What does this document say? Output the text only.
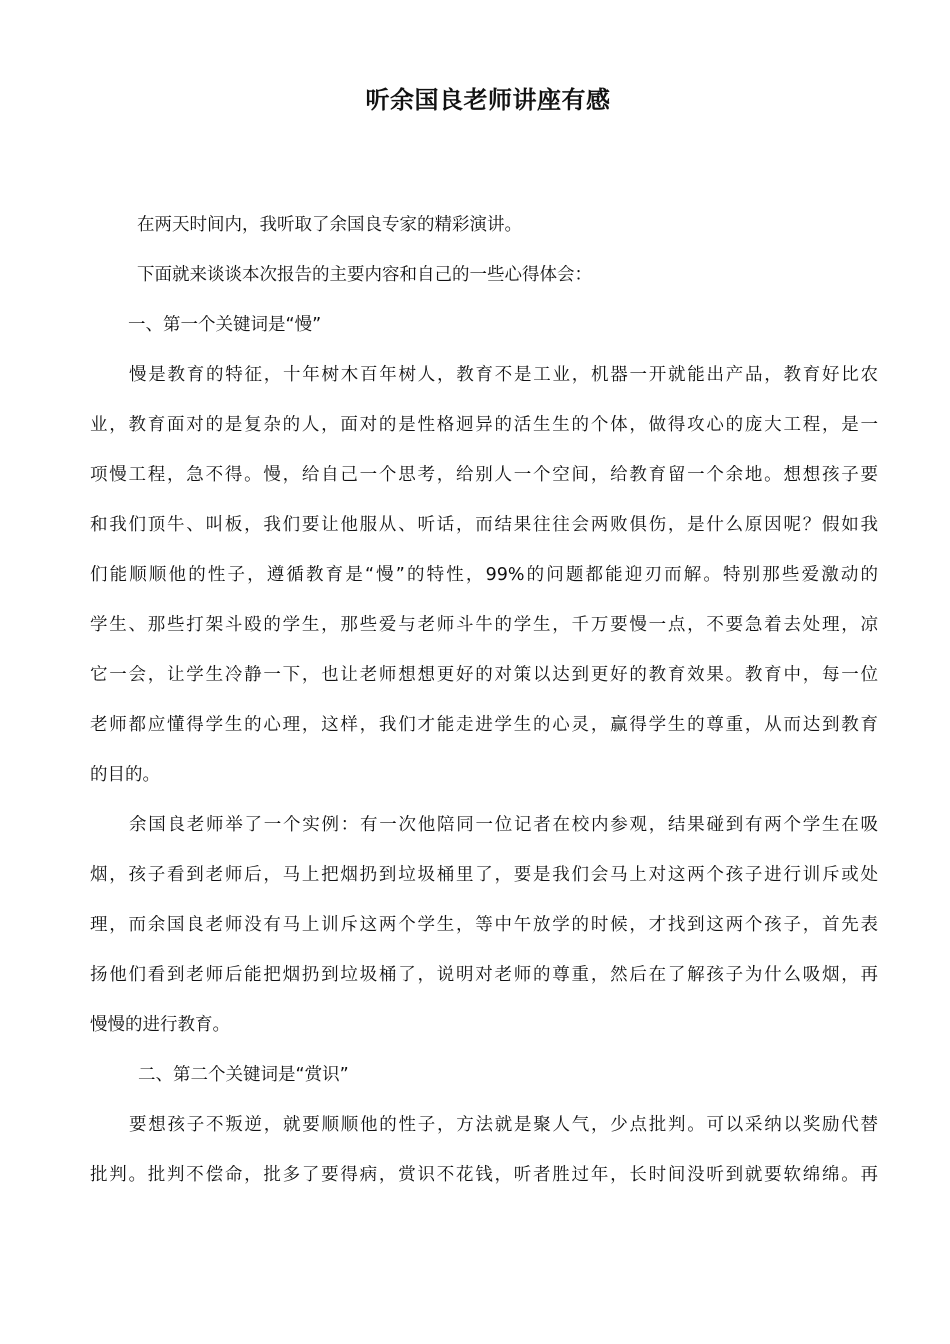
听余国良老师讲座有感
在两天时间内，我听取了余国良专家的精彩演讲。
下面就来谈谈本次报告的主要内容和自己的一些心得体会：
一、第一个关键词是“慢”
慢是教育的特征，十年树木百年树人，教育不是工业，机器一开就能出产品，教育好比农
业，教育面对的是复杂的人，面对的是性格迥异的活生生的个体，做得攻心的庞大工程，是一
项慢工程，急不得。慢，给自己一个思考，给别人一个空间，给教育留一个余地。想想孩子要
和我们顶牛、叫板，我们要让他服从、听话，而结果往往会两败俱伤，是什么原因呢？假如我
们能顺顺他的性子，遵循教育是“慢”的特性，99%的问题都能迎刃而解。特别那些爱激动的
学生、那些打架斗殴的学生，那些爱与老师斗牛的学生，千万要慢一点，不要急着去处理，凉
它一会，让学生冷静一下，也让老师想想更好的对策以达到更好的教育效果。教育中，每一位
老师都应懂得学生的心理，这样，我们才能走进学生的心灵，赢得学生的尊重，从而达到教育
的目的。
余国良老师举了一个实例：有一次他陪同一位记者在校内参观，结果碰到有两个学生在吸
烟，孩子看到老师后，马上把烟扔到垃圾桶里了，要是我们会马上对这两个孩子进行训斥或处
理，而余国良老师没有马上训斥这两个学生，等中午放学的时候，才找到这两个孩子，首先表
扬他们看到老师后能把烟扔到垃圾桶了，说明对老师的尊重，然后在了解孩子为什么吸烟，再
慢慢的进行教育。
二、第二个关键词是“赏识”
要想孩子不叛逆，就要顺顺他的性子，方法就是聚人气，少点批判。可以采纳以奖励代替
批判。批判不偿命，批多了要得病，赏识不花钱，听者胜过年，长时间没听到就要软绵绵。再
